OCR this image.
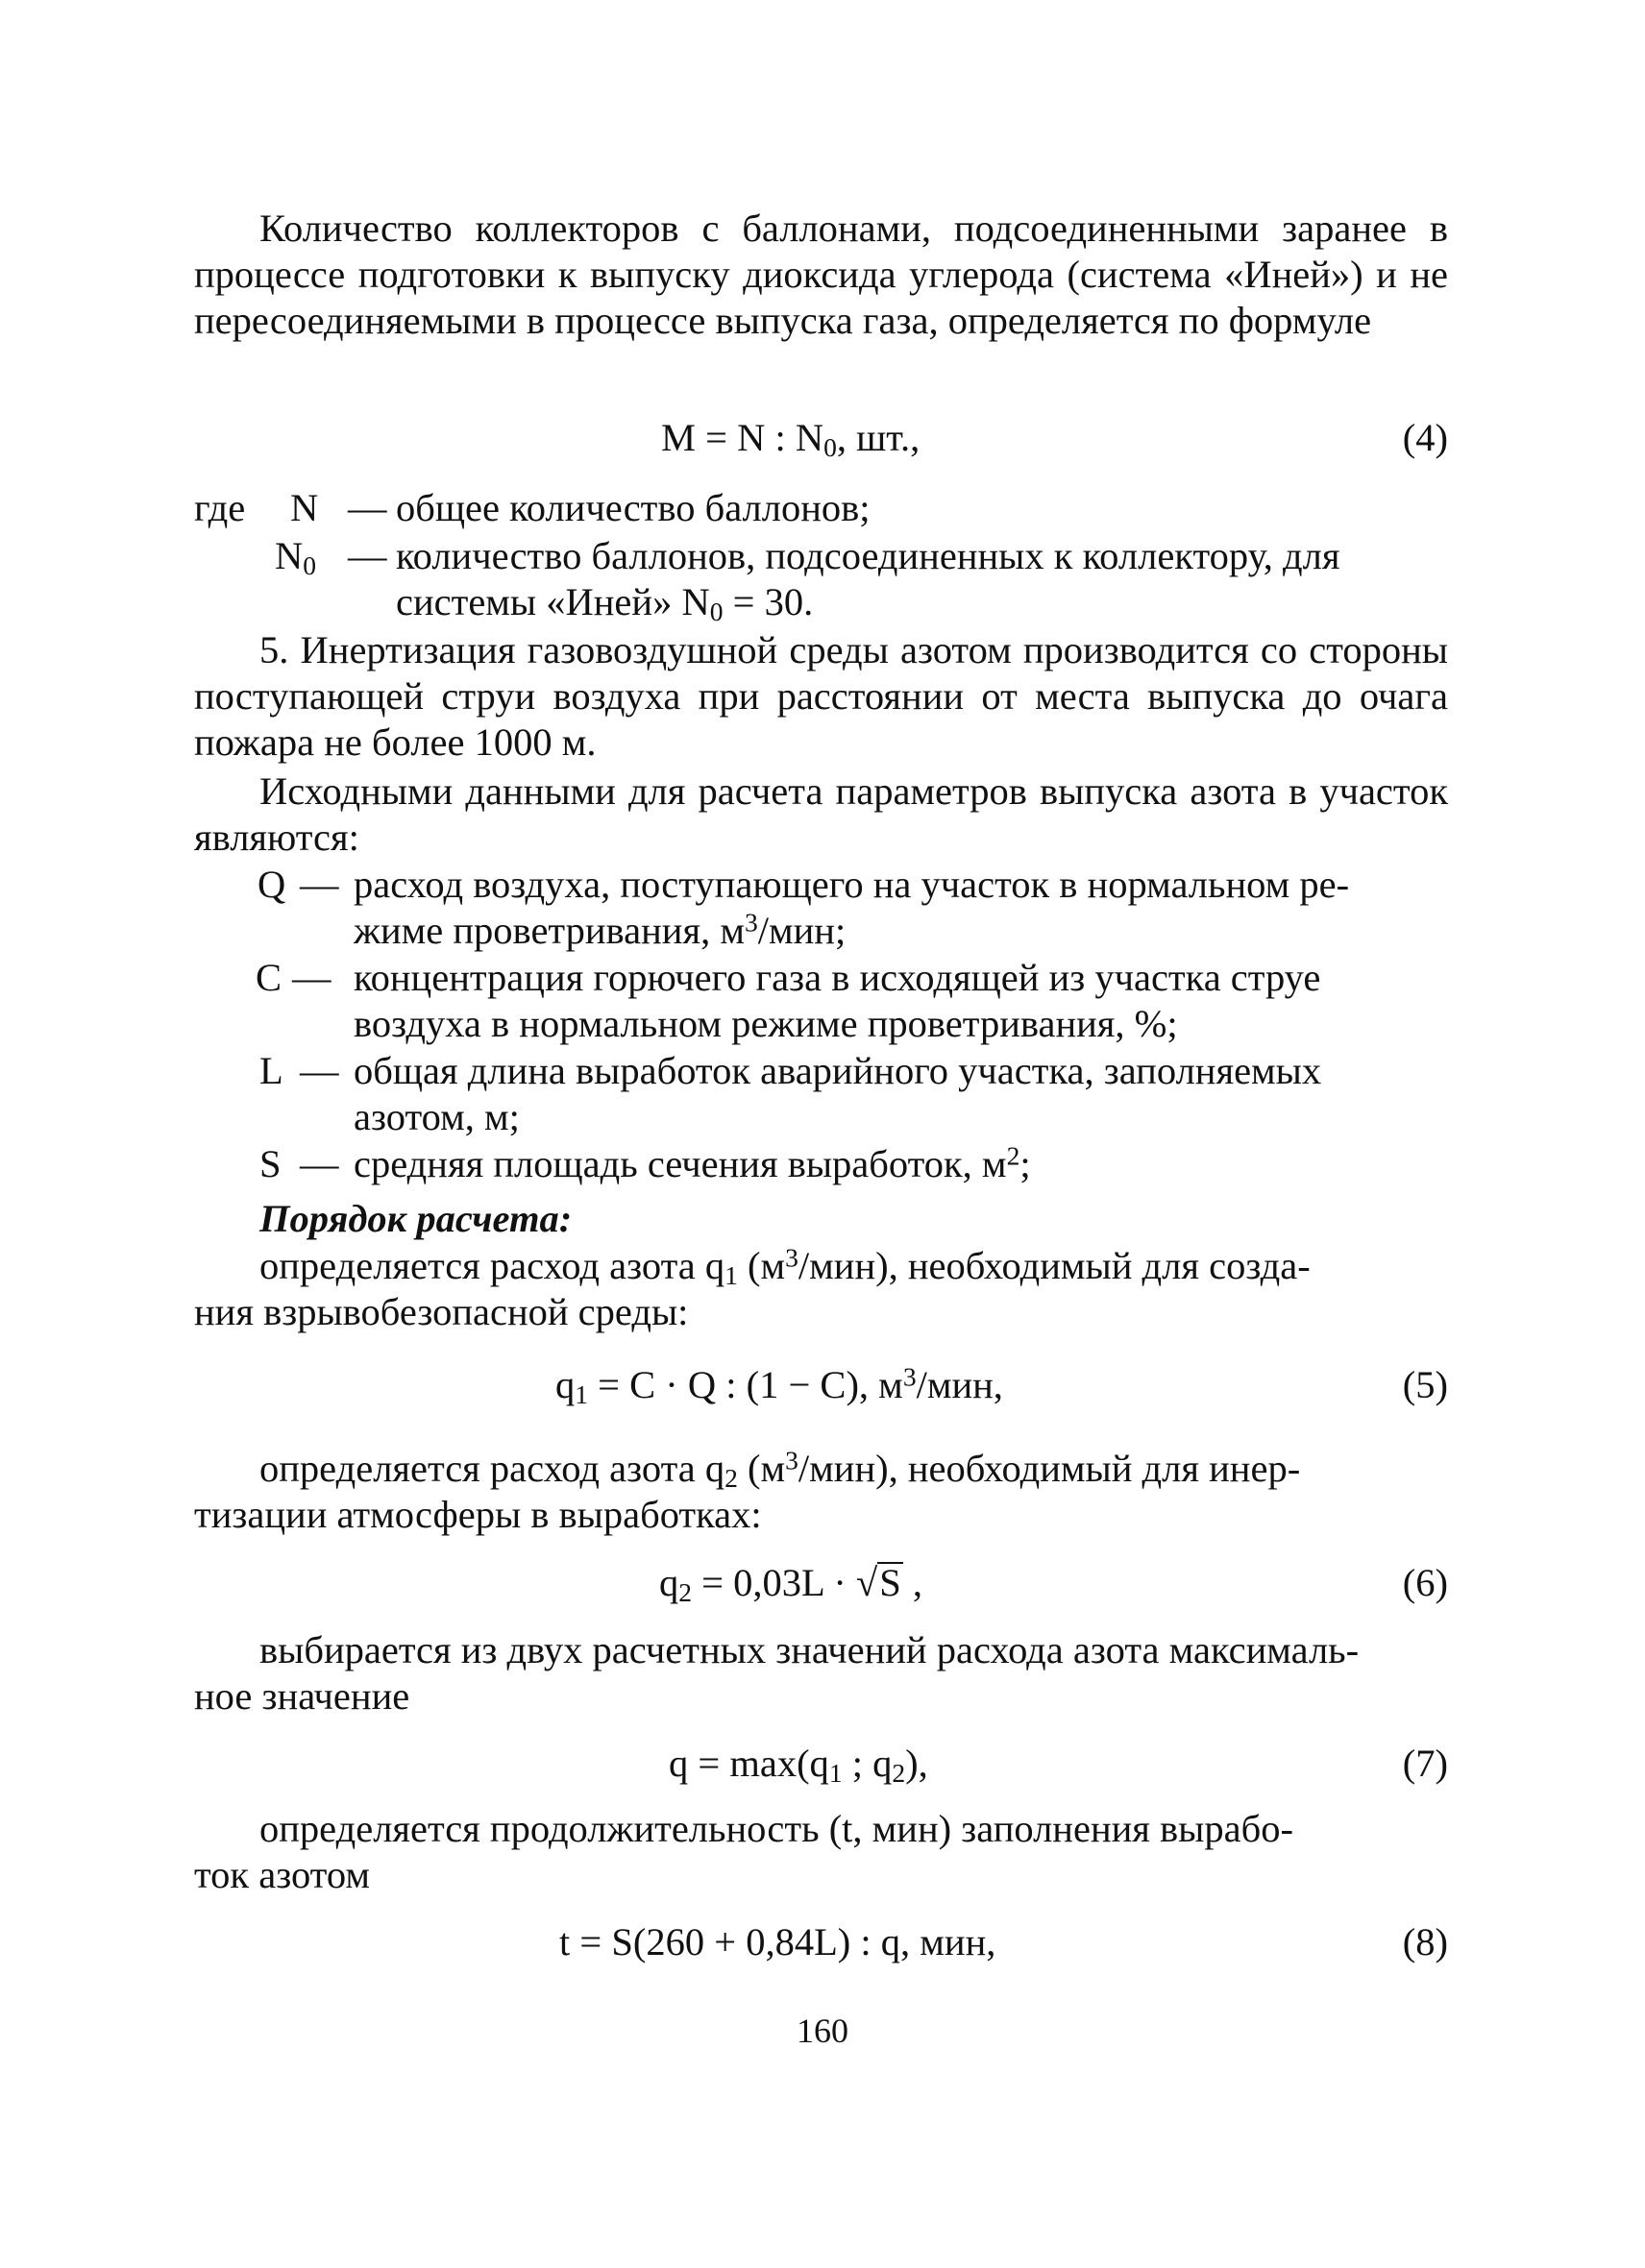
Количество коллекторов с баллонами, подсоединенными заранее в процессе подготовки к выпуску диоксида углерода (система «Иней») и не пересоединяемыми в процессе выпуска газа, определяется по формуле
M = N : $N_0$, шт.,	(4)
где N — общее количество баллонов;
$N_0$ — количество баллонов, подсоединенных к коллектору, для
системы «Иней» $N_0 = 30$.
5. Инертизация газовоздушной среды азотом производится со стороны поступающей струи воздуха при расстоянии от места выпуска до очага пожара не более 1000 м.
Исходными данными для расчета параметров выпуска азота в участок являются:
Q — расход воздуха, поступающего на участок в нормальном ре-
жиме проветривания, $м^3$/мин;
C — концентрация горючего газа в исходящей из участка струе
воздуха в нормальном режиме проветривания, %;
L — общая длина выработок аварийного участка, заполняемых
азотом, м;
S — средняя площадь сечения выработок, $м^2$;
Порядок расчета:
определяется расход азота $q_1$ $(м^3/мин)$, необходимый для созда-
ния взрывобезопасной среды:
$q_1 = C \cdot Q$ : (1 − C), $м^3$/мин,	(5)
определяется расход азота $q_2$ $(м^3/мин)$, необходимый для инер-
тизации атмосферы в выработках:
$q_2 = 0,03L \cdot √S$ ,	(6)
выбирается из двух расчетных значений расхода азота максималь-
ное значение
$q = \max(q_1$ ; $q_2$),	(7)
определяется продолжительность (t, мин) заполнения вырабо-
ток азотом
t = S(260 + 0,84L) : q, мин,	(8)
160
